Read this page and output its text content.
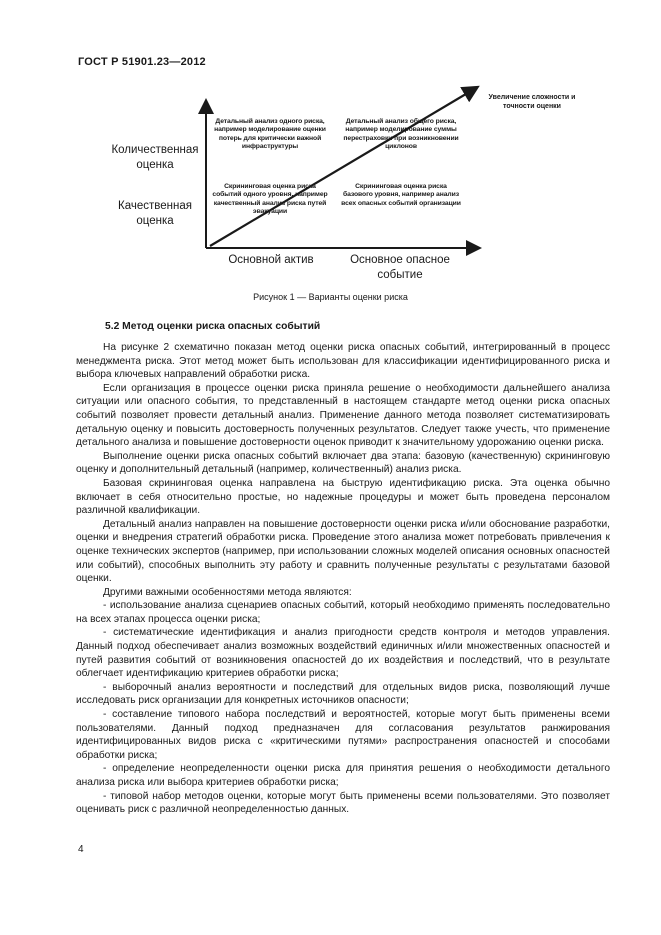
ГОСТ Р 51901.23—2012
Количественная оценка
Качественная оценка
Основной актив	Основное опасное событие
Увеличение сложности и точности оценки
Детальный анализ одного риска, например моделирование оценки потерь для критически важной инфраструктуры
Детальный анализ общего риска, например моделирование суммы перестраховки при возникновении циклонов
Скрининговая оценка риска событий одного уровня, например качественный анализ риска путей эвакуации
Скрининговая оценка риска базового уровня, например анализ всех опасных событий организации
Рисунок 1 — Варианты оценки риска
5.2 Метод оценки риска опасных событий

На рисунке 2 схематично показан метод оценки риска опасных событий, интегрированный в процесс менеджмента риска. Этот метод может быть использован для классификации идентифицированного риска и выбора ключевых направлений обработки риска.

Если организация в процессе оценки риска приняла решение о необходимости дальнейшего анализа ситуации или опасного события, то представленный в настоящем стандарте метод оценки риска опасных событий позволяет провести детальный анализ. Применение данного метода позволяет систематизировать детальную оценку и повысить достоверность полученных результатов. Следует также учесть, что применение детального анализа и повышение достоверности оценок приводит к значительному удорожанию оценки риска.

Выполнение оценки риска опасных событий включает два этапа: базовую (качественную) скрининговую оценку и дополнительный детальный (например, количественный) анализ риска.

Базовая скрининговая оценка направлена на быструю идентификацию риска. Эта оценка обычно включает в себя относительно простые, но надежные процедуры и может быть проведена персоналом различной квалификации.

Детальный анализ направлен на повышение достоверности оценки риска и/или обоснование разработки, оценки и внедрения стратегий обработки риска. Проведение этого анализа может потребовать привлечения к оценке технических экспертов (например, при использовании сложных моделей описания основных опасностей или событий), способных выполнить эту работу и сравнить полученные результаты с результатами базовой оценки.

Другими важными особенностями метода являются:

- использование анализа сценариев опасных событий, который необходимо применять последовательно на всех этапах процесса оценки риска;

- систематические идентификация и анализ пригодности средств контроля и методов управления. Данный подход обеспечивает анализ возможных воздействий единичных и/или множественных опасностей и путей развития событий от возникновения опасностей до их воздействия и последствий, что в результате облегчает идентификацию критериев обработки риска;

- выборочный анализ вероятности и последствий для отдельных видов риска, позволяющий лучше исследовать риск организации для конкретных источников опасности;

- составление типового набора последствий и вероятностей, которые могут быть применены всеми пользователями. Данный подход предназначен для согласования результатов ранжирования идентифицированных видов риска с «критическими путями» распространения опасностей и способами обработки риска;

- определение неопределенности оценки риска для принятия решения о необходимости детального анализа риска или выбора критериев обработки риска;

- типовой набор методов оценки, которые могут быть применены всеми пользователями. Это позволяет оценивать риск с различной неопределенностью данных.

4
